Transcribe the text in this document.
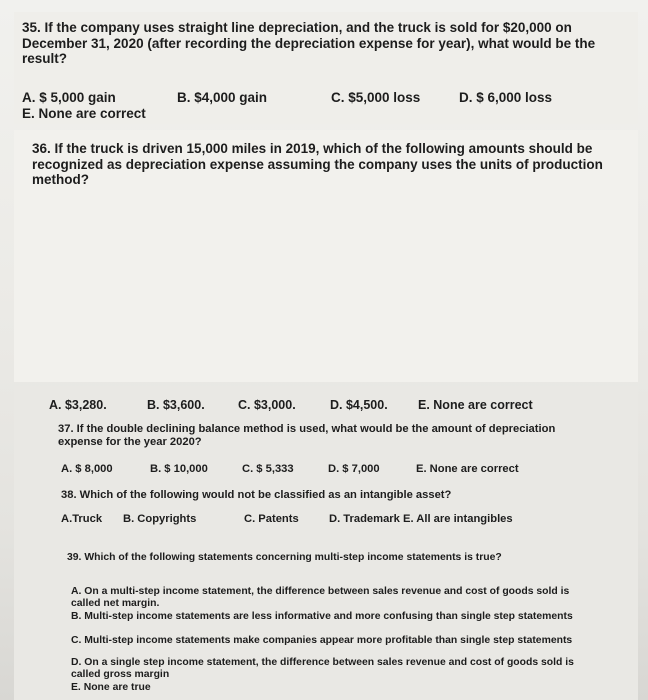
35. If the company uses straight line depreciation, and the truck is sold for $20,000 on December 31, 2020 (after recording the depreciation expense for year), what would be the result?
A. $ 5,000 gain	B. $4,000 gain	C. $5,000 loss	D. $ 6,000 loss
E. None are correct
36. If the truck is driven 15,000 miles in 2019, which of the following amounts should be recognized as depreciation expense assuming the company uses the units of production method?
A. $3,280.	B. $3,600.	C. $3,000.	D. $4,500. E. None are correct
37. If the double declining balance method is used, what would be the amount of depreciation expense for the year 2020?
A. $ 8,000	B. $ 10,000	C. $ 5,333	D. $ 7,000	E. None are correct
38. Which of the following would not be classified as an intangible asset?
A.Truck B. Copyrights	C. Patents	D. Trademark E. All are intangibles
39. Which of the following statements concerning multi-step income statements is true?
A. On a multi-step income statement, the difference between sales revenue and cost of goods sold is called net margin.
B. Multi-step income statements are less informative and more confusing than single step statements
C. Multi-step income statements make companies appear more profitable than single step statements
D. On a single step income statement, the difference between sales revenue and cost of goods sold is called gross margin
E. None are true
